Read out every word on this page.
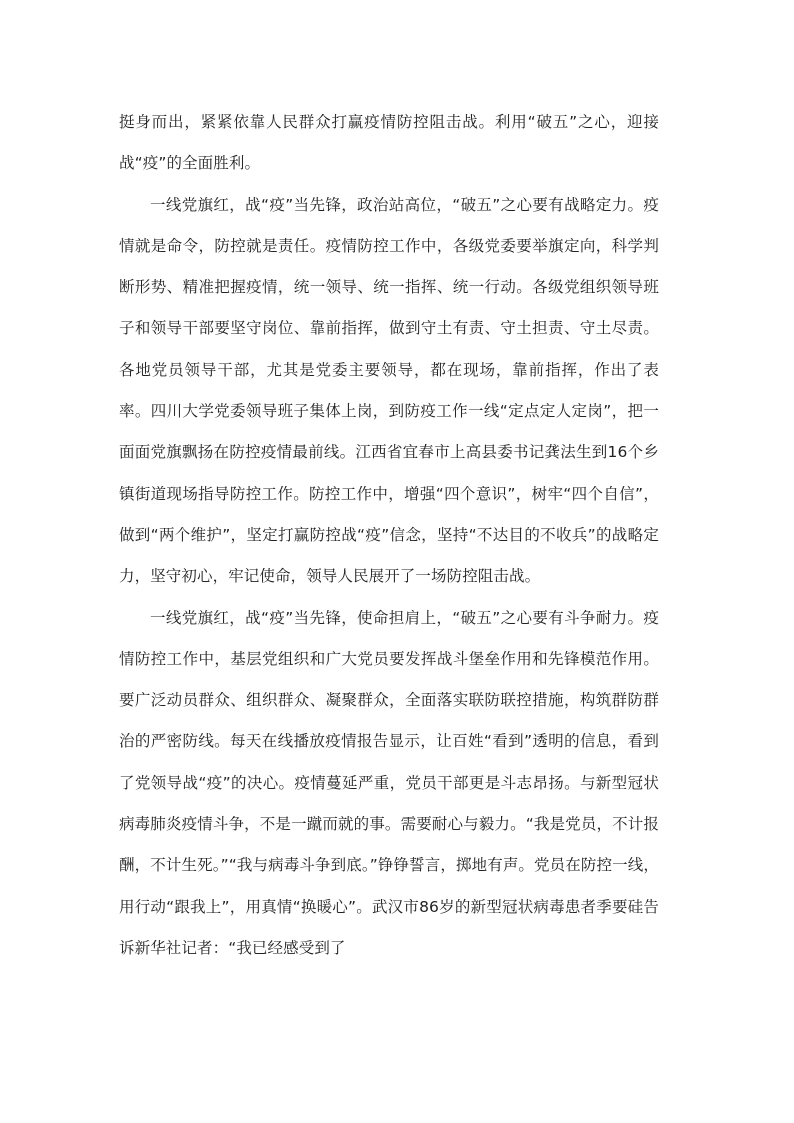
挺身而出，紧紧依靠人民群众打赢疫情防控阻击战。利用“破五”之心，迎接战“疫”的全面胜利。

一线党旗红，战“疫”当先锋，政治站高位，“破五”之心要有战略定力。疫情就是命令，防控就是责任。疫情防控工作中，各级党委要举旗定向，科学判断形势、精准把握疫情，统一领导、统一指挥、统一行动。各级党组织领导班子和领导干部要坚守岗位、靠前指挥，做到守土有责、守土担责、守土尽责。各地党员领导干部，尤其是党委主要领导，都在现场，靠前指挥，作出了表率。四川大学党委领导班子集体上岗，到防疫工作一线“定点定人定岗”，把一面面党旗飘扬在防控疫情最前线。江西省宜春市上高县委书记龚法生到16个乡镇街道现场指导防控工作。防控工作中，增强“四个意识”，树牢“四个自信”，做到“两个维护”，坚定打赢防控战“疫”信念，坚持“不达目的不收兵”的战略定力，坚守初心，牢记使命，领导人民展开了一场防控阻击战。

一线党旗红，战“疫”当先锋，使命担肩上，“破五”之心要有斗争耐力。疫情防控工作中，基层党组织和广大党员要发挥战斗堡垒作用和先锋模范作用。要广泛动员群众、组织群众、凝聚群众，全面落实联防联控措施，构筑群防群治的严密防线。每天在线播放疫情报告显示，让百姓“看到”透明的信息，看到了党领导战“疫”的决心。疫情蔓延严重，党员干部更是斗志昂扬。与新型冠状病毒肺炎疫情斗争，不是一蹴而就的事。需要耐心与毅力。“我是党员，不计报酬，不计生死。”“我与病毒斗争到底。”铮铮誓言，掷地有声。党员在防控一线，用行动“跟我上”，用真情“换暖心”。武汉市86岁的新型冠状病毒患者季要硅告诉新华社记者：“我已经感受到了
